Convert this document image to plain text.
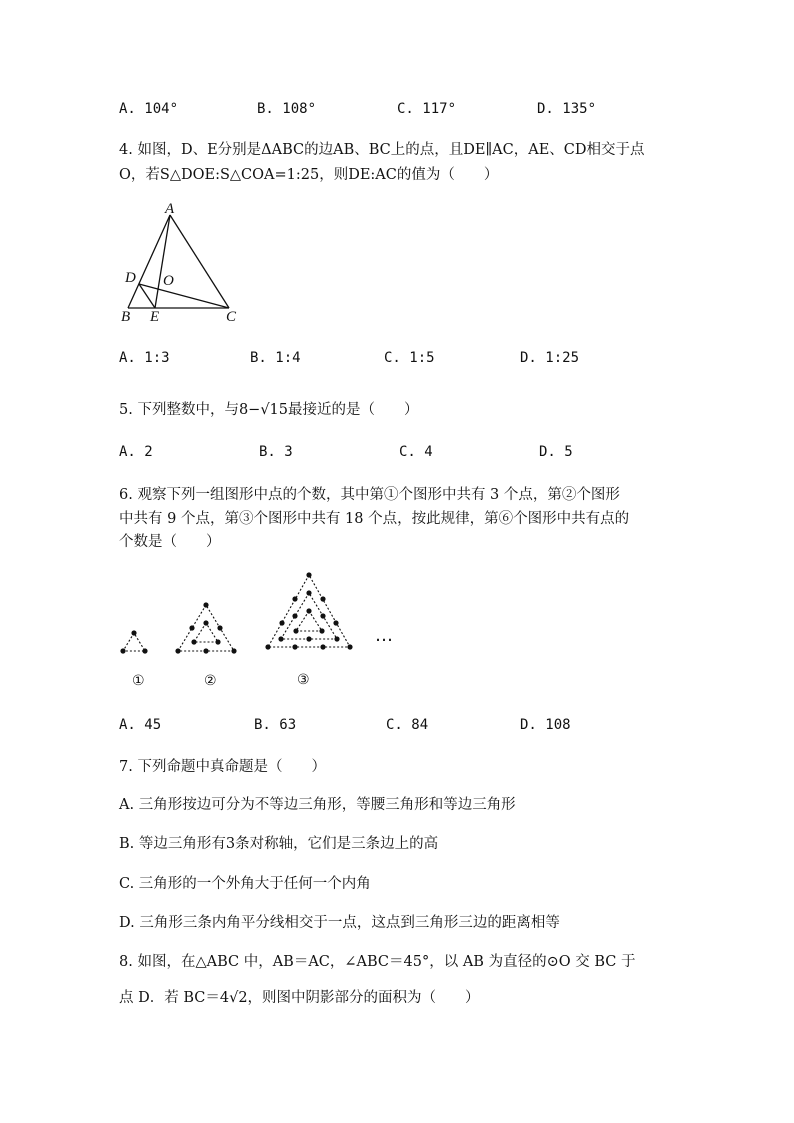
A. 104°	B. 108°	C. 117°	D. 135°
4. 如图，D、E分别是ΔABC的边AB、BC上的点，且DE∥AC，AE、CD相交于点
O，若S△DOE:S△COA=1:25，则DE:AC的值为（　　）
A
D O
B E	C
A. 1:3	B. 1:4	C. 1:5	D. 1:25
5. 下列整数中，与8−√15最接近的是（　　）
A. 2	B. 3	C. 4	D. 5
6. 观察下列一组图形中点的个数，其中第①个图形中共有 3 个点，第②个图形
中共有 9 个点，第③个图形中共有 18 个点，按此规律，第⑥个图形中共有点的
个数是（　　）
…
①	②	③
A. 45	B. 63	C. 84	D. 108
7. 下列命题中真命题是（　　）
A. 三角形按边可分为不等边三角形，等腰三角形和等边三角形
B. 等边三角形有3条对称轴，它们是三条边上的高
C. 三角形的一个外角大于任何一个内角
D. 三角形三条内角平分线相交于一点，这点到三角形三边的距离相等
8. 如图，在△ABC 中，AB＝AC，∠ABC＝45°，以 AB 为直径的⊙O 交 BC 于
点 D．若 BC＝4√2，则图中阴影部分的面积为（　　）
